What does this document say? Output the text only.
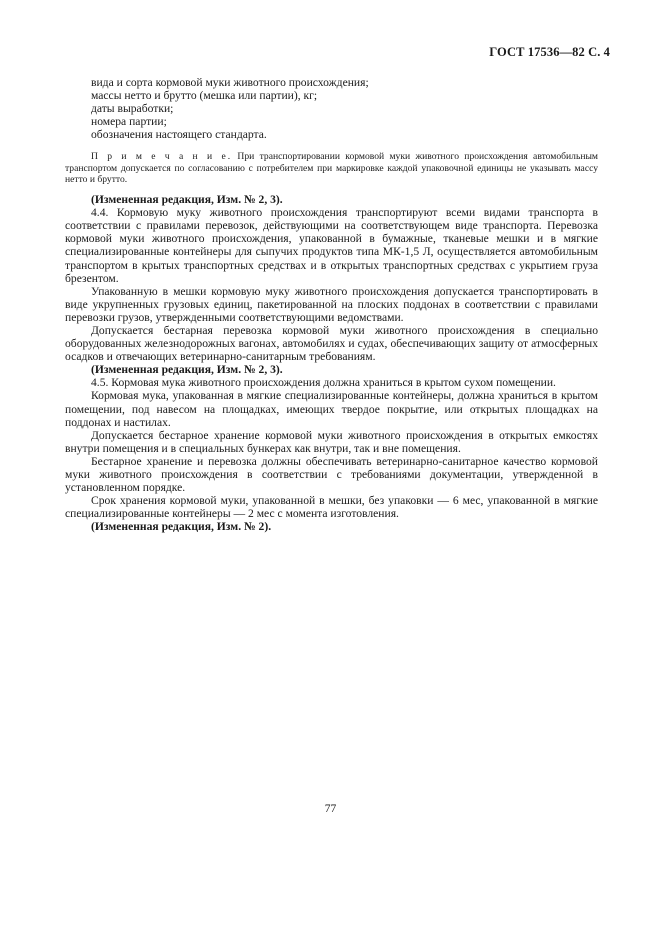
ГОСТ 17536—82 С. 4
вида и сорта кормовой муки животного происхождения;
массы нетто и брутто (мешка или партии), кг;
даты выработки;
номера партии;
обозначения настоящего стандарта.
П р и м е ч а н и е. При транспортировании кормовой муки животного происхождения автомобильным транспортом допускается по согласованию с потребителем при маркировке каждой упаковочной единицы не указывать массу нетто и брутто.
(Измененная редакция, Изм. № 2, 3).

4.4. Кормовую муку животного происхождения транспортируют всеми видами транспорта в соответствии с правилами перевозок, действующими на соответствующем виде транспорта. Перевозка кормовой муки животного происхождения, упакованной в бумажные, тканевые мешки и в мягкие специализированные контейнеры для сыпучих продуктов типа МК-1,5 Л, осуществляется автомобильным транспортом в крытых транспортных средствах и в открытых транспортных средствах с укрытием груза брезентом.

Упакованную в мешки кормовую муку животного происхождения допускается транспортировать в виде укрупненных грузовых единиц, пакетированной на плоских поддонах в соответствии с правилами перевозки грузов, утвержденными соответствующими ведомствами.

Допускается бестарная перевозка кормовой муки животного происхождения в специально оборудованных железнодорожных вагонах, автомобилях и судах, обеспечивающих защиту от атмосферных осадков и отвечающих ветеринарно-санитарным требованиям.

(Измененная редакция, Изм. № 2, 3).

4.5. Кормовая мука животного происхождения должна храниться в крытом сухом помещении.

Кормовая мука, упакованная в мягкие специализированные контейнеры, должна храниться в крытом помещении, под навесом на площадках, имеющих твердое покрытие, или открытых площадках на поддонах и настилах.

Допускается бестарное хранение кормовой муки животного происхождения в открытых емкостях внутри помещения и в специальных бункерах как внутри, так и вне помещения.

Бестарное хранение и перевозка должны обеспечивать ветеринарно-санитарное качество кормовой муки животного происхождения в соответствии с требованиями документации, утвержденной в установленном порядке.

Срок хранения кормовой муки, упакованной в мешки, без упаковки — 6 мес, упакованной в мягкие специализированные контейнеры — 2 мес с момента изготовления.

(Измененная редакция, Изм. № 2).
77
